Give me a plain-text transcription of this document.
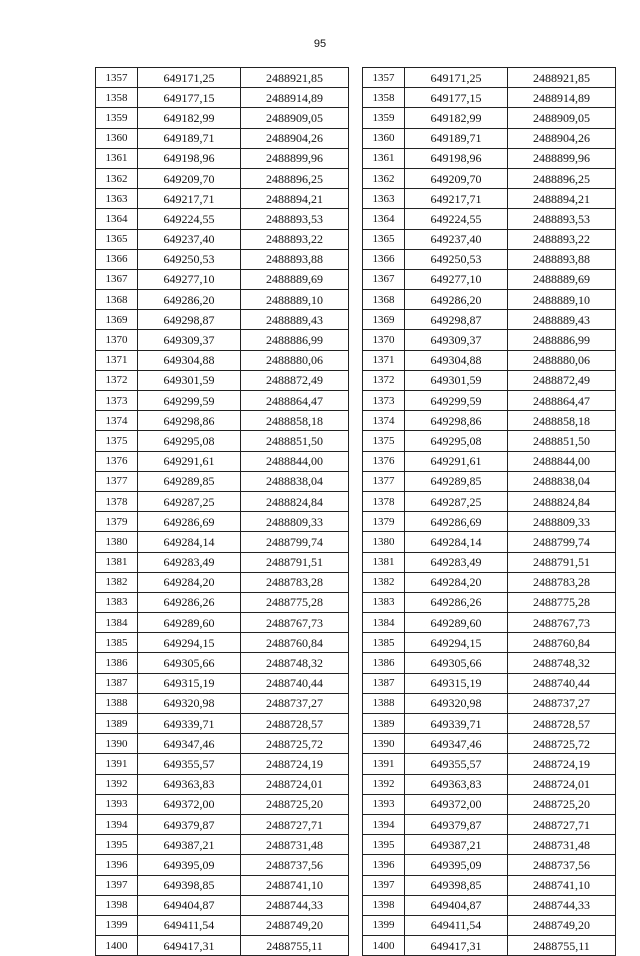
95
1357	649171,25	2488921,85
1358	649177,15	2488914,89
1359	649182,99	2488909,05
1360	649189,71	2488904,26
1361	649198,96	2488899,96
1362	649209,70	2488896,25
1363	649217,71	2488894,21
1364	649224,55	2488893,53
1365	649237,40	2488893,22
1366	649250,53	2488893,88
1367	649277,10	2488889,69
1368	649286,20	2488889,10
1369	649298,87	2488889,43
1370	649309,37	2488886,99
1371	649304,88	2488880,06
1372	649301,59	2488872,49
1373	649299,59	2488864,47
1374	649298,86	2488858,18
1375	649295,08	2488851,50
1376	649291,61	2488844,00
1377	649289,85	2488838,04
1378	649287,25	2488824,84
1379	649286,69	2488809,33
1380	649284,14	2488799,74
1381	649283,49	2488791,51
1382	649284,20	2488783,28
1383	649286,26	2488775,28
1384	649289,60	2488767,73
1385	649294,15	2488760,84
1386	649305,66	2488748,32
1387	649315,19	2488740,44
1388	649320,98	2488737,27
1389	649339,71	2488728,57
1390	649347,46	2488725,72
1391	649355,57	2488724,19
1392	649363,83	2488724,01
1393	649372,00	2488725,20
1394	649379,87	2488727,71
1395	649387,21	2488731,48
1396	649395,09	2488737,56
1397	649398,85	2488741,10
1398	649404,87	2488744,33
1399	649411,54	2488749,20
1400	649417,31	2488755,11
1357	649171,25	2488921,85
1358	649177,15	2488914,89
1359	649182,99	2488909,05
1360	649189,71	2488904,26
1361	649198,96	2488899,96
1362	649209,70	2488896,25
1363	649217,71	2488894,21
1364	649224,55	2488893,53
1365	649237,40	2488893,22
1366	649250,53	2488893,88
1367	649277,10	2488889,69
1368	649286,20	2488889,10
1369	649298,87	2488889,43
1370	649309,37	2488886,99
1371	649304,88	2488880,06
1372	649301,59	2488872,49
1373	649299,59	2488864,47
1374	649298,86	2488858,18
1375	649295,08	2488851,50
1376	649291,61	2488844,00
1377	649289,85	2488838,04
1378	649287,25	2488824,84
1379	649286,69	2488809,33
1380	649284,14	2488799,74
1381	649283,49	2488791,51
1382	649284,20	2488783,28
1383	649286,26	2488775,28
1384	649289,60	2488767,73
1385	649294,15	2488760,84
1386	649305,66	2488748,32
1387	649315,19	2488740,44
1388	649320,98	2488737,27
1389	649339,71	2488728,57
1390	649347,46	2488725,72
1391	649355,57	2488724,19
1392	649363,83	2488724,01
1393	649372,00	2488725,20
1394	649379,87	2488727,71
1395	649387,21	2488731,48
1396	649395,09	2488737,56
1397	649398,85	2488741,10
1398	649404,87	2488744,33
1399	649411,54	2488749,20
1400	649417,31	2488755,11
